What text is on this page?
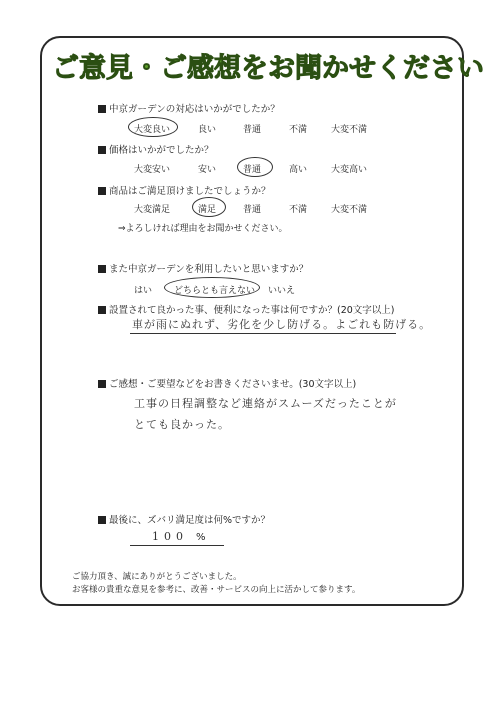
ご意見・ご感想をお聞かせください
中京ガーデンの対応はいかがでしたか？
大変良い	良い	普通	不満	大変不満
価格はいかがでしたか？
大変安い	安い	普通	高い	大変高い
商品はご満足頂けましたでしょうか？
大変満足	満足	普通	不満	大変不満
⇒よろしければ理由をお聞かせください。
また中京ガーデンを利用したいと思いますか？
はい どちらとも言えない いいえ
設置されて良かった事、便利になった事は何ですか？(20文字以上)
車が雨にぬれず、劣化を少し防げる。よごれも防げる。
ご感想・ご要望などをお書きくださいませ。(30文字以上)
工事の日程調整など連絡がスムーズだったことが
とても良かった。
最後に、ズバリ満足度は何%ですか？
100 %
ご協力頂き、誠にありがとうございました。
お客様の貴重な意見を参考に、改善・サービスの向上に活かして参ります。
